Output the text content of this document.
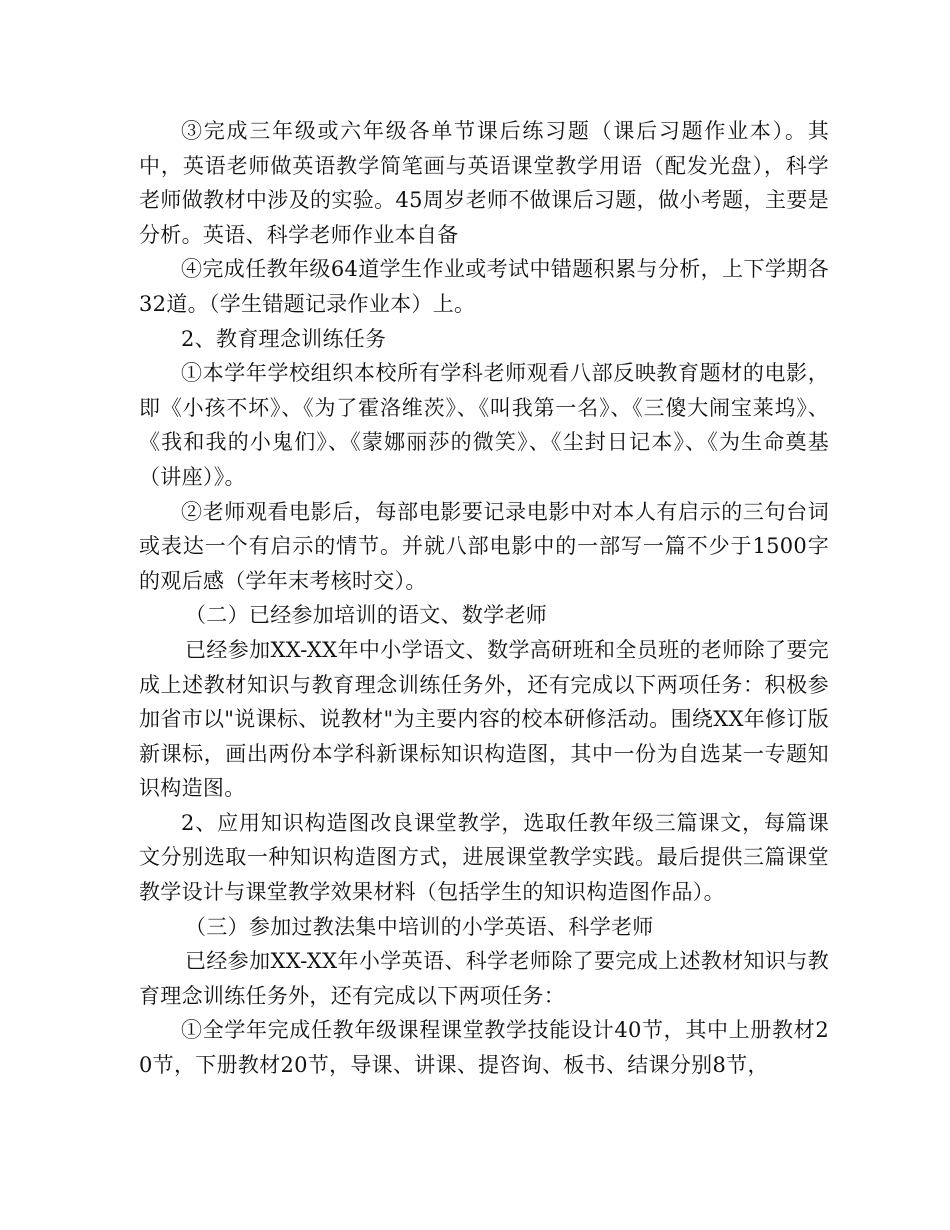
③完成三年级或六年级各单节课后练习题（课后习题作业本）。其中，英语老师做英语教学简笔画与英语课堂教学用语（配发光盘），科学老师做教材中涉及的实验。45周岁老师不做课后习题，做小考题，主要是分析。英语、科学老师作业本自备

④完成任教年级64道学生作业或考试中错题积累与分析，上下学期各32道。（学生错题记录作业本）上。

2、教育理念训练任务

①本学年学校组织本校所有学科老师观看八部反映教育题材的电影，即《小孩不坏》、《为了霍洛维茨》、《叫我第一名》、《三傻大闹宝莱坞》、《我和我的小鬼们》、《蒙娜丽莎的微笑》、《尘封日记本》、《为生命奠基（讲座）》。

②老师观看电影后，每部电影要记录电影中对本人有启示的三句台词或表达一个有启示的情节。并就八部电影中的一部写一篇不少于1500字的观后感（学年末考核时交）。

（二）已经参加培训的语文、数学老师

已经参加XX-XX年中小学语文、数学高研班和全员班的老师除了要完成上述教材知识与教育理念训练任务外，还有完成以下两项任务：积极参加省市以"说课标、说教材"为主要内容的校本研修活动。围绕XX年修订版新课标，画出两份本学科新课标知识构造图，其中一份为自选某一专题知识构造图。

2、应用知识构造图改良课堂教学，选取任教年级三篇课文，每篇课文分别选取一种知识构造图方式，进展课堂教学实践。最后提供三篇课堂教学设计与课堂教学效果材料（包括学生的知识构造图作品）。

（三）参加过教法集中培训的小学英语、科学老师

已经参加XX-XX年小学英语、科学老师除了要完成上述教材知识与教育理念训练任务外，还有完成以下两项任务：

①全学年完成任教年级课程课堂教学技能设计40节，其中上册教材20节，下册教材20节，导课、讲课、提咨询、板书、结课分别8节，
